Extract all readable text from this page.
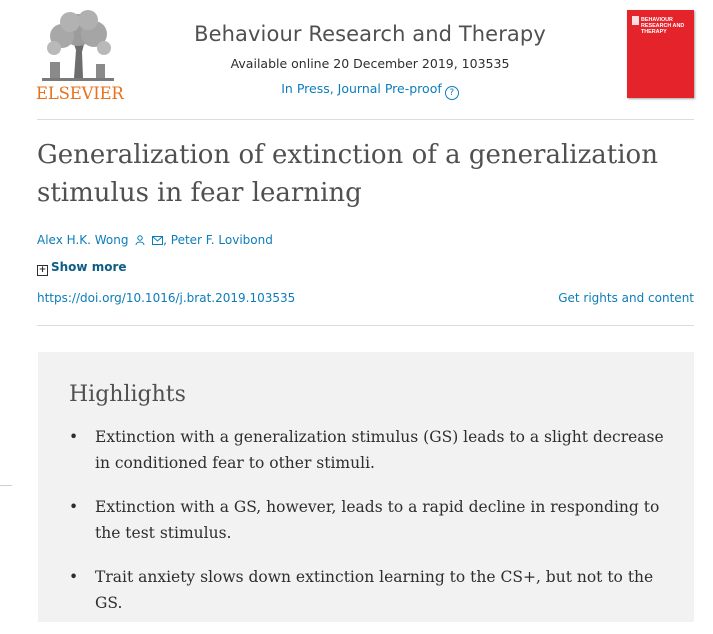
ELSEVIER
Behaviour Research and Therapy
Available online 20 December 2019, 103535
In Press, Journal Pre-proof ?
BEHAVIOUR RESEARCH AND THERAPY
Generalization of extinction of a generalization stimulus in fear learning
Alex H.K. Wong	, Peter F. Lovibond
+ Show more
https://doi.org/10.1016/j.brat.2019.103535	Get rights and content
Highlights
• Extinction with a generalization stimulus (GS) leads to a slight decrease in conditioned fear to other stimuli.
• Extinction with a GS, however, leads to a rapid decline in responding to the test stimulus.
• Trait anxiety slows down extinction learning to the CS+, but not to the GS.
